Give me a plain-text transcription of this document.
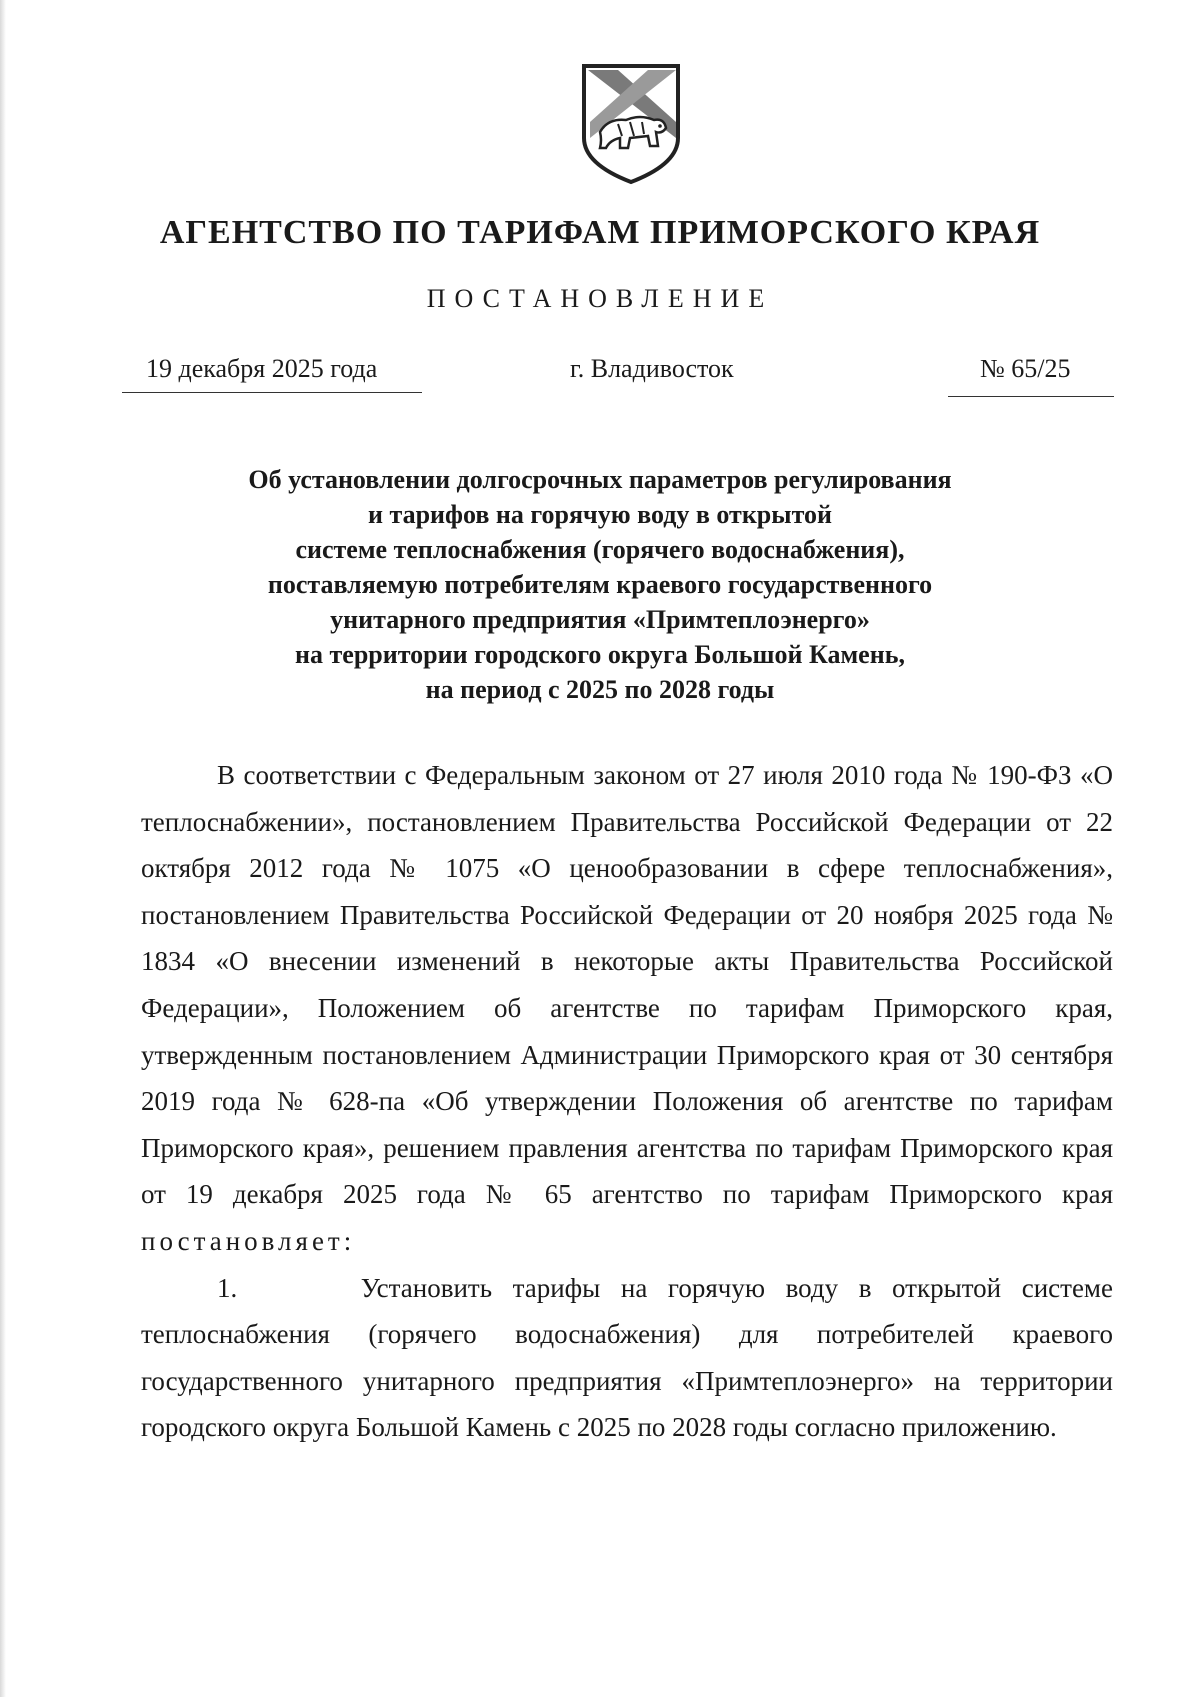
АГЕНТСТВО ПО ТАРИФАМ ПРИМОРСКОГО КРАЯ
ПОСТАНОВЛЕНИЕ
19 декабря 2025 года	г. Владивосток	№ 65/25
Об установлении долгосрочных параметров регулирования
и тарифов на горячую воду в открытой
системе теплоснабжения (горячего водоснабжения),
поставляемую потребителям краевого государственного
унитарного предприятия «Примтеплоэнерго»
на территории городского округа Большой Камень,
на период с 2025 по 2028 годы

В соответствии с Федеральным законом от 27 июля 2010 года № 190-ФЗ «О теплоснабжении», постановлением Правительства Российской Федерации от 22 октября 2012 года № 1075 «О ценообразовании в сфере теплоснабжения», постановлением Правительства Российской Федерации от 20 ноября 2025 года № 1834 «О внесении изменений в некоторые акты Правительства Российской Федерации», Положением об агентстве по тарифам Приморского края, утвержденным постановлением Администрации Приморского края от 30 сентября 2019 года № 628-па «Об утверждении Положения об агентстве по тарифам Приморского края», решением правления агентства по тарифам Приморского края от 19 декабря 2025 года № 65 агентство по тарифам Приморского края постановляет:

1.	Установить тарифы на горячую воду в открытой системе теплоснабжения (горячего водоснабжения) для потребителей краевого государственного унитарного предприятия «Примтеплоэнерго» на территории городского округа Большой Камень с 2025 по 2028 годы согласно приложению.
